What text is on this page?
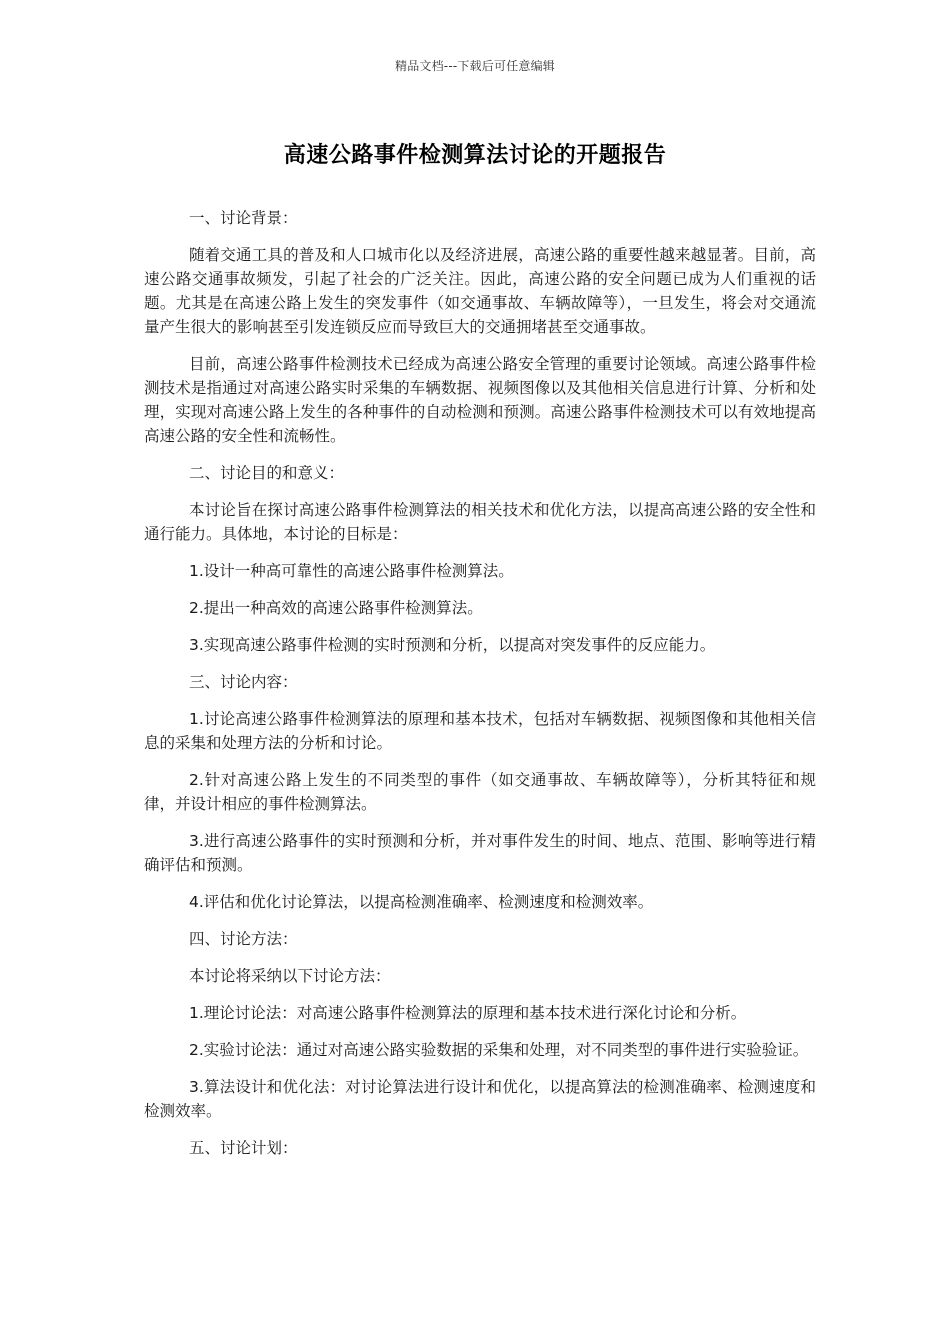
精品文档---下载后可任意编辑
高速公路事件检测算法讨论的开题报告

一、讨论背景：

随着交通工具的普及和人口城市化以及经济进展，高速公路的重要性越来越显著。目前，高速公路交通事故频发，引起了社会的广泛关注。因此，高速公路的安全问题已成为人们重视的话题。尤其是在高速公路上发生的突发事件（如交通事故、车辆故障等），一旦发生，将会对交通流量产生很大的影响甚至引发连锁反应而导致巨大的交通拥堵甚至交通事故。

目前，高速公路事件检测技术已经成为高速公路安全管理的重要讨论领域。高速公路事件检测技术是指通过对高速公路实时采集的车辆数据、视频图像以及其他相关信息进行计算、分析和处理，实现对高速公路上发生的各种事件的自动检测和预测。高速公路事件检测技术可以有效地提高高速公路的安全性和流畅性。

二、讨论目的和意义：

本讨论旨在探讨高速公路事件检测算法的相关技术和优化方法，以提高高速公路的安全性和通行能力。具体地，本讨论的目标是：

1.设计一种高可靠性的高速公路事件检测算法。

2.提出一种高效的高速公路事件检测算法。

3.实现高速公路事件检测的实时预测和分析，以提高对突发事件的反应能力。

三、讨论内容：

1.讨论高速公路事件检测算法的原理和基本技术，包括对车辆数据、视频图像和其他相关信息的采集和处理方法的分析和讨论。

2.针对高速公路上发生的不同类型的事件（如交通事故、车辆故障等），分析其特征和规律，并设计相应的事件检测算法。

3.进行高速公路事件的实时预测和分析，并对事件发生的时间、地点、范围、影响等进行精确评估和预测。

4.评估和优化讨论算法，以提高检测准确率、检测速度和检测效率。

四、讨论方法：

本讨论将采纳以下讨论方法：

1.理论讨论法：对高速公路事件检测算法的原理和基本技术进行深化讨论和分析。

2.实验讨论法：通过对高速公路实验数据的采集和处理，对不同类型的事件进行实验验证。

3.算法设计和优化法：对讨论算法进行设计和优化，以提高算法的检测准确率、检测速度和检测效率。

五、讨论计划：
